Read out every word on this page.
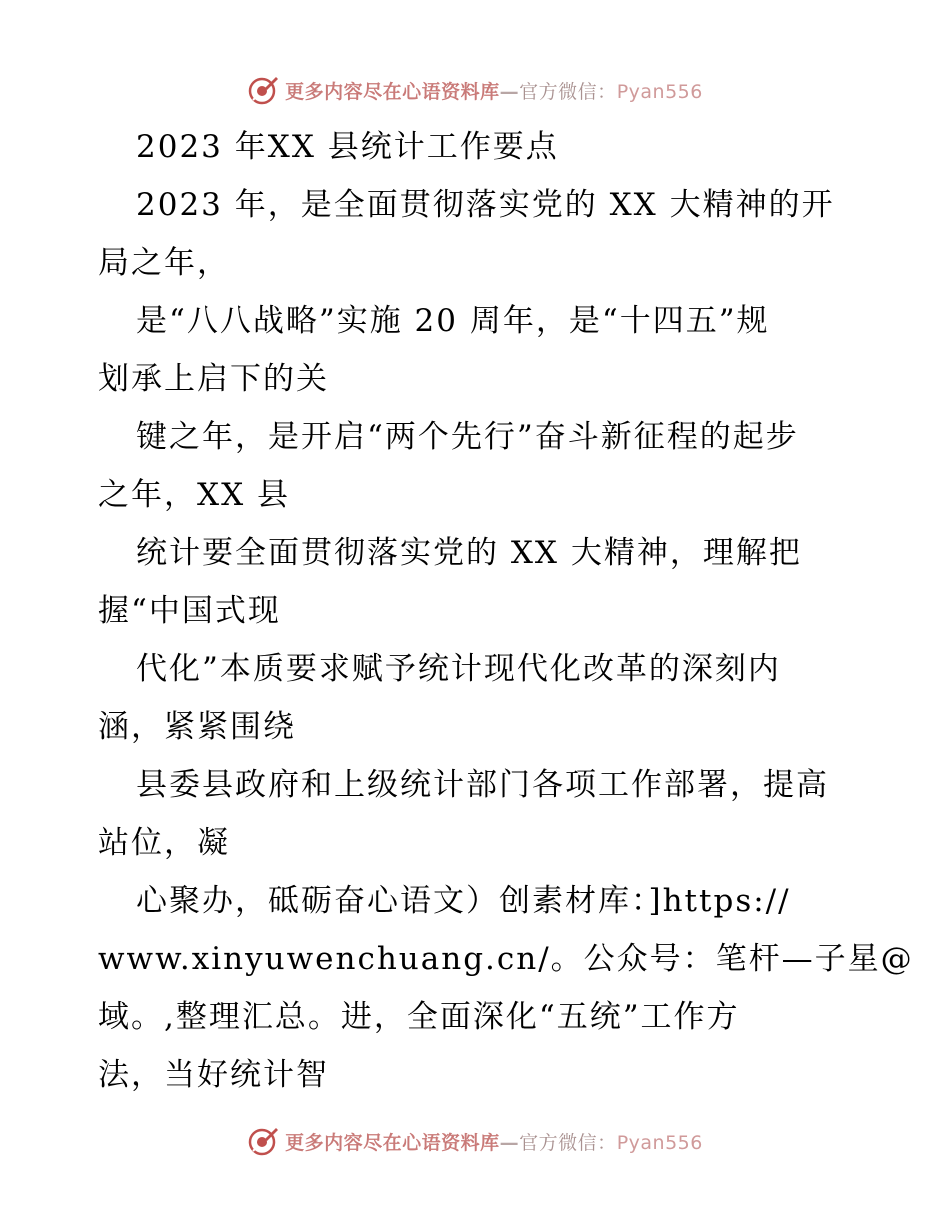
更多内容尽在心语资料库—官方微信：Pyan556
2023 年XX 县统计工作要点
2023 年，是全面贯彻落实党的 XX 大精神的开
局之年，
是“八八战略”实施 20 周年，是“十四五”规
划承上启下的关
键之年，是开启“两个先行”奋斗新征程的起步
之年，XX 县
统计要全面贯彻落实党的 XX 大精神，理解把
握“中国式现
代化”本质要求赋予统计现代化改革的深刻内
涵，紧紧围绕
县委县政府和上级统计部门各项工作部署，提高
站位，凝
心聚办，砥砺奋心语文）创素材库：]https://
www.xinyuwenchuang.cn/。公众号：笔杆—子星@
域。,整理汇总。进，全面深化“五统”工作方
法，当好统计智
更多内容尽在心语资料库—官方微信：Pyan556
